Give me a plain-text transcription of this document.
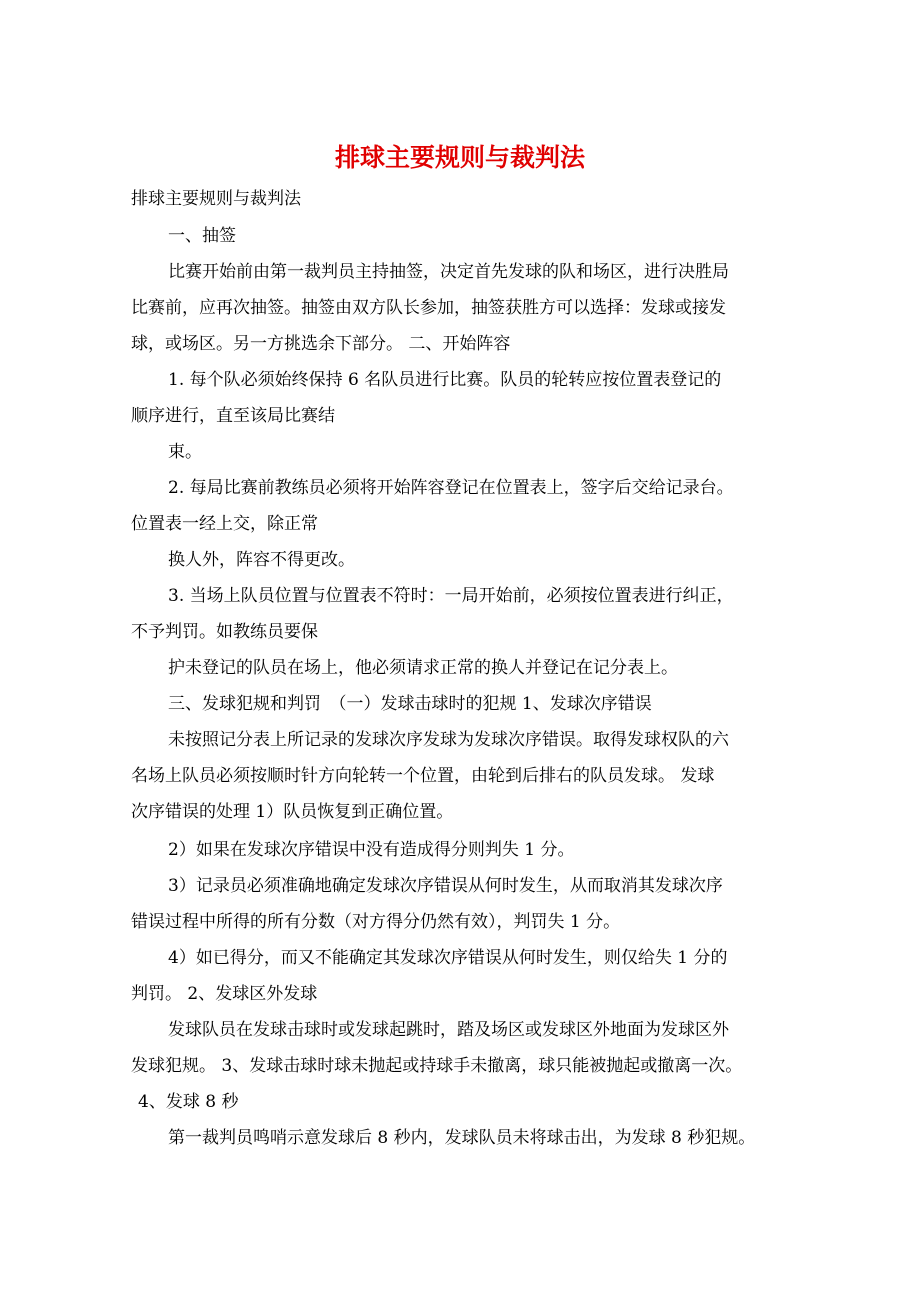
排球主要规则与裁判法

排球主要规则与裁判法

一、抽签

比赛开始前由第一裁判员主持抽签，决定首先发球的队和场区，进行决胜局

比赛前，应再次抽签。抽签由双方队长参加，抽签获胜方可以选择：发球或接发

球，或场区。另一方挑选余下部分。 二、开始阵容

1. 每个队必须始终保持 6 名队员进行比赛。队员的轮转应按位置表登记的

顺序进行，直至该局比赛结

束。

2. 每局比赛前教练员必须将开始阵容登记在位置表上，签字后交给记录台。

位置表一经上交，除正常

换人外，阵容不得更改。

3. 当场上队员位置与位置表不符时：一局开始前，必须按位置表进行纠正，

不予判罚。如教练员要保

护未登记的队员在场上，他必须请求正常的换人并登记在记分表上。

三、发球犯规和判罚　（一）发球击球时的犯规 1、发球次序错误

未按照记分表上所记录的发球次序发球为发球次序错误。取得发球权队的六

名场上队员必须按顺时针方向轮转一个位置，由轮到后排右的队员发球。 发球

次序错误的处理 1）队员恢复到正确位置。

2）如果在发球次序错误中没有造成得分则判失 1 分。

3）记录员必须准确地确定发球次序错误从何时发生，从而取消其发球次序

错误过程中所得的所有分数（对方得分仍然有效），判罚失 1 分。

4）如已得分，而又不能确定其发球次序错误从何时发生，则仅给失 1 分的

判罚。 2、发球区外发球

发球队员在发球击球时或发球起跳时，踏及场区或发球区外地面为发球区外

发球犯规。 3、发球击球时球未抛起或持球手未撤离，球只能被抛起或撤离一次。

4、发球 8 秒

第一裁判员鸣哨示意发球后 8 秒内，发球队员未将球击出，为发球 8 秒犯规。
